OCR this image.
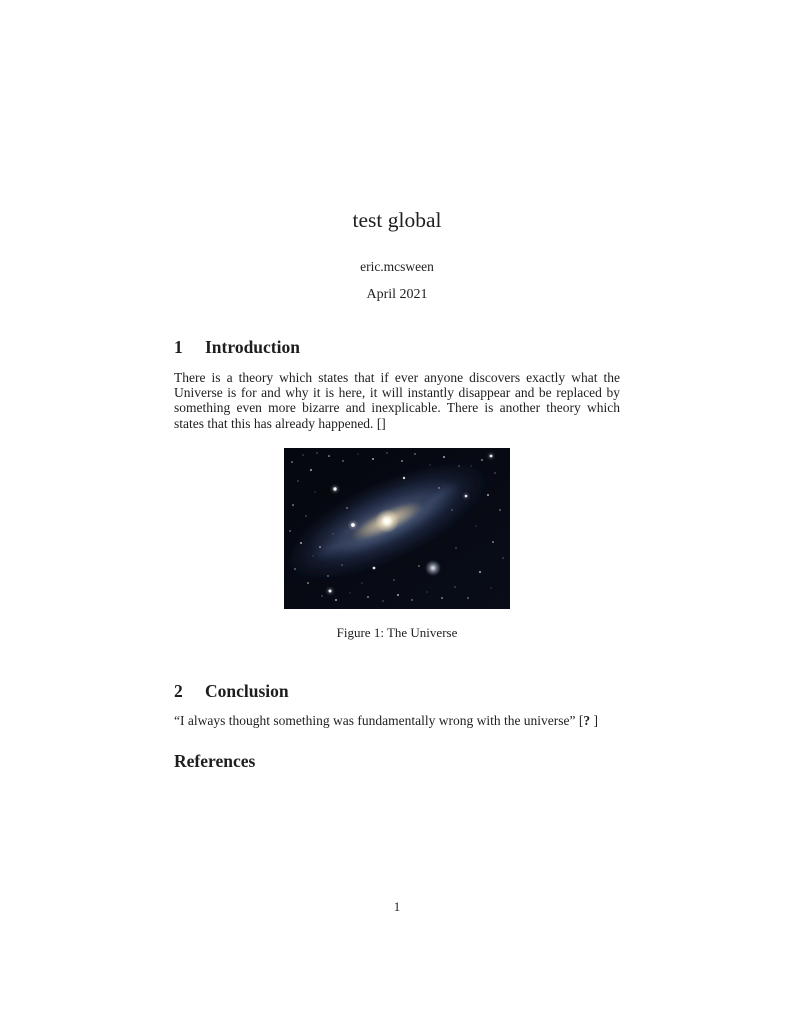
test global
eric.mcsween
April 2021
1 Introduction

There is a theory which states that if ever anyone discovers exactly what the Universe is for and why it is here, it will instantly disappear and be replaced by something even more bizarre and inexplicable. There is another theory which states that this has already happened. []

Figure 1: The Universe
2 Conclusion

“I always thought something was fundamentally wrong with the universe” [? ]

References
1
